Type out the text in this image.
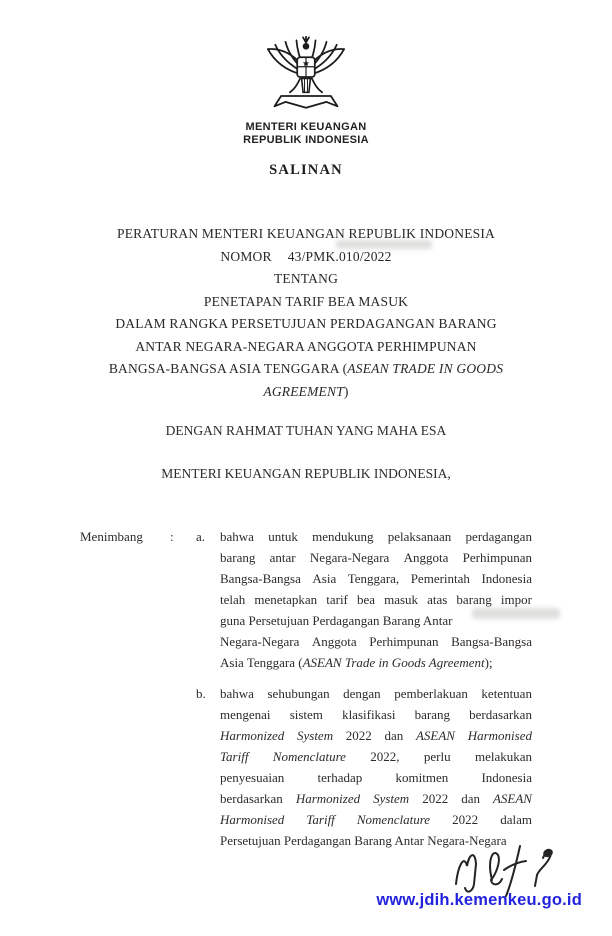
MENTERI KEUANGAN
REPUBLIK INDONESIA
SALINAN
PERATURAN MENTERI KEUANGAN REPUBLIK INDONESIA
NOMOR 43/PMK.010/2022
TENTANG
PENETAPAN TARIF BEA MASUK
DALAM RANGKA PERSETUJUAN PERDAGANGAN BARANG
ANTAR NEGARA-NEGARA ANGGOTA PERHIMPUNAN
BANGSA-BANGSA ASIA TENGGARA (ASEAN TRADE IN GOODS
AGREEMENT)
DENGAN RAHMAT TUHAN YANG MAHA ESA
MENTERI KEUANGAN REPUBLIK INDONESIA,
Menimbang	:	a.	bahwa untuk mendukung pelaksanaan perdagangan
barang antar Negara-Negara Anggota Perhimpunan
Bangsa-Bangsa Asia Tenggara, Pemerintah Indonesia
telah menetapkan tarif bea masuk atas barang impor
guna Persetujuan Perdagangan Barang Antar
Negara-Negara Anggota Perhimpunan Bangsa-Bangsa
Asia Tenggara (ASEAN Trade in Goods Agreement);
b.	bahwa sehubungan dengan pemberlakuan ketentuan
mengenai sistem klasifikasi barang berdasarkan
Harmonized System 2022 dan ASEAN Harmonised
Tariff Nomenclature 2022, perlu melakukan
penyesuaian	terhadap	komitmen	Indonesia
berdasarkan Harmonized System 2022 dan ASEAN
Harmonised Tariff Nomenclature 2022 dalam
Persetujuan Perdagangan Barang Antar Negara-Negara
www.jdih.kemenkeu.go.id
